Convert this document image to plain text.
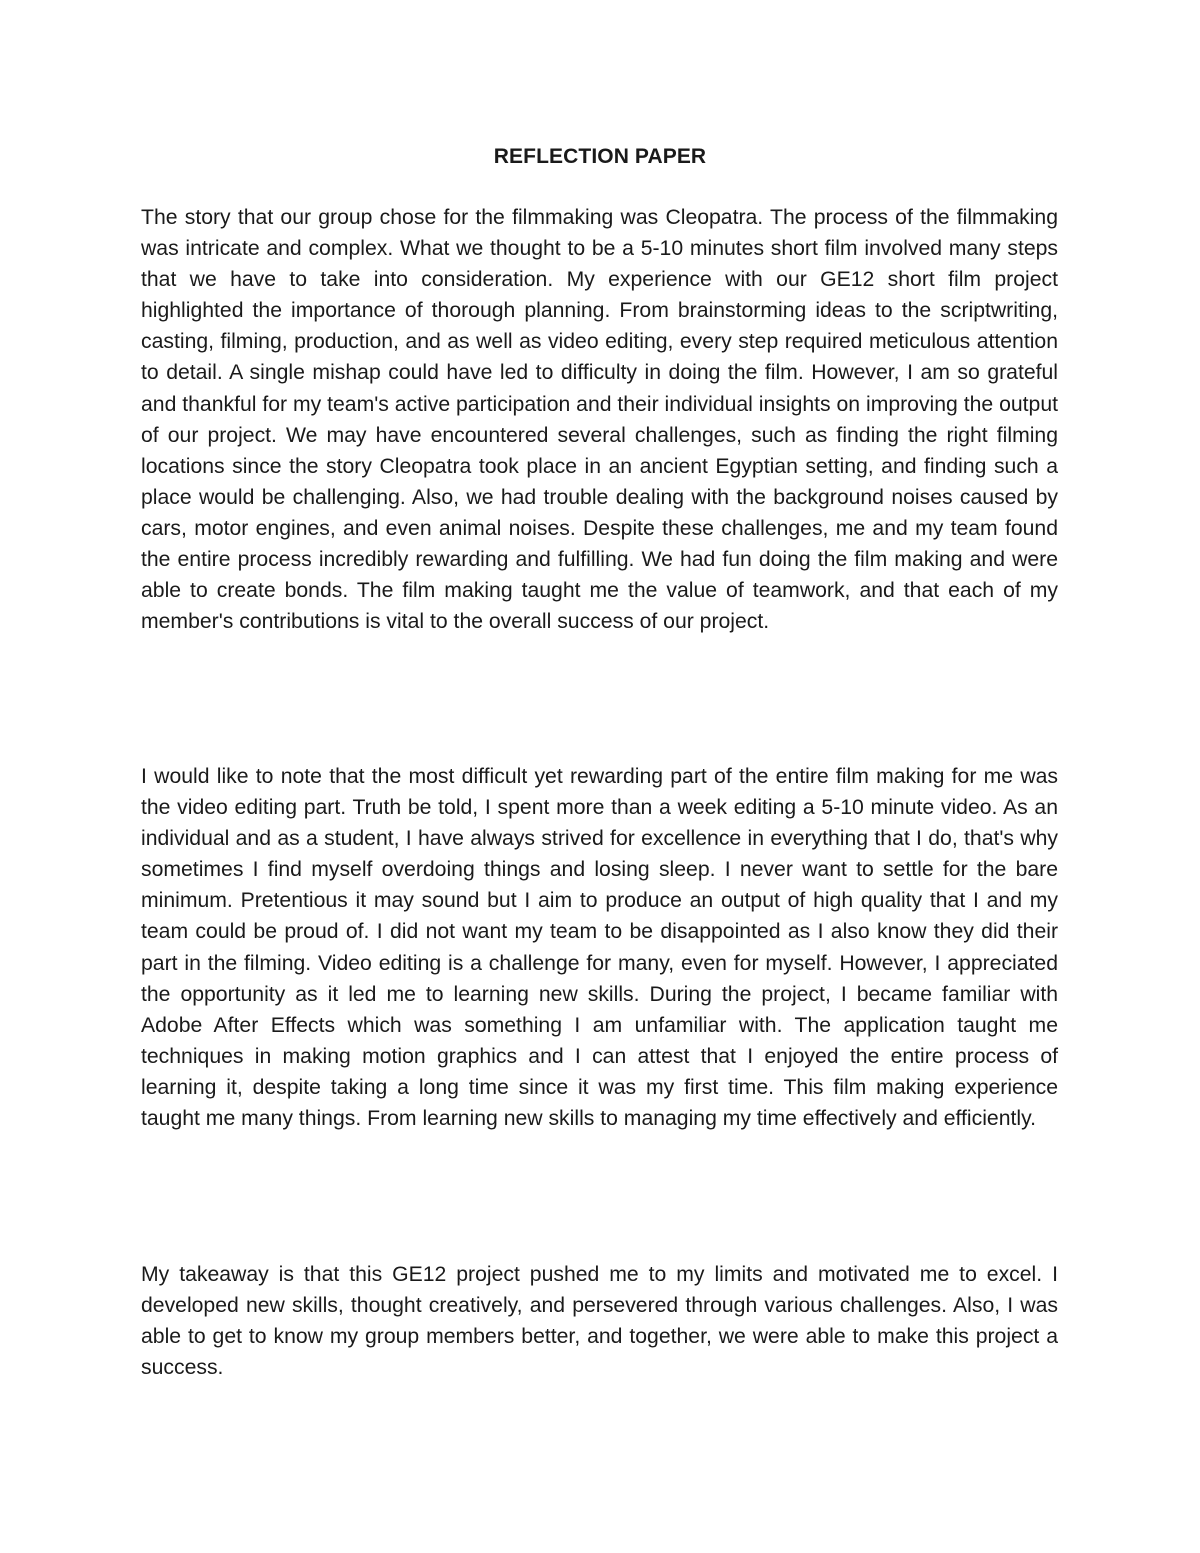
REFLECTION PAPER

The story that our group chose for the filmmaking was Cleopatra. The process of the filmmaking was intricate and complex. What we thought to be a 5-10 minutes short film involved many steps that we have to take into consideration. My experience with our GE12 short film project highlighted the importance of thorough planning. From brainstorming ideas to the scriptwriting, casting, filming, production, and as well as video editing, every step required meticulous attention to detail. A single mishap could have led to difficulty in doing the film. However, I am so grateful and thankful for my team's active participation and their individual insights on improving the output of our project. We may have encountered several challenges, such as finding the right filming locations since the story Cleopatra took place in an ancient Egyptian setting, and finding such a place would be challenging. Also, we had trouble dealing with the background noises caused by cars, motor engines, and even animal noises. Despite these challenges, me and my team found the entire process incredibly rewarding and fulfilling. We had fun doing the film making and were able to create bonds. The film making taught me the value of teamwork, and that each of my member's contributions is vital to the overall success of our project.

I would like to note that the most difficult yet rewarding part of the entire film making for me was the video editing part. Truth be told, I spent more than a week editing a 5-10 minute video. As an individual and as a student, I have always strived for excellence in everything that I do, that's why sometimes I find myself overdoing things and losing sleep. I never want to settle for the bare minimum. Pretentious it may sound but I aim to produce an output of high quality that I and my team could be proud of. I did not want my team to be disappointed as I also know they did their part in the filming. Video editing is a challenge for many, even for myself. However, I appreciated the opportunity as it led me to learning new skills. During the project, I became familiar with Adobe After Effects which was something I am unfamiliar with. The application taught me techniques in making motion graphics and I can attest that I enjoyed the entire process of learning it, despite taking a long time since it was my first time. This film making experience taught me many things. From learning new skills to managing my time effectively and efficiently.

My takeaway is that this GE12 project pushed me to my limits and motivated me to excel. I developed new skills, thought creatively, and persevered through various challenges. Also, I was able to get to know my group members better, and together, we were able to make this project a success.
